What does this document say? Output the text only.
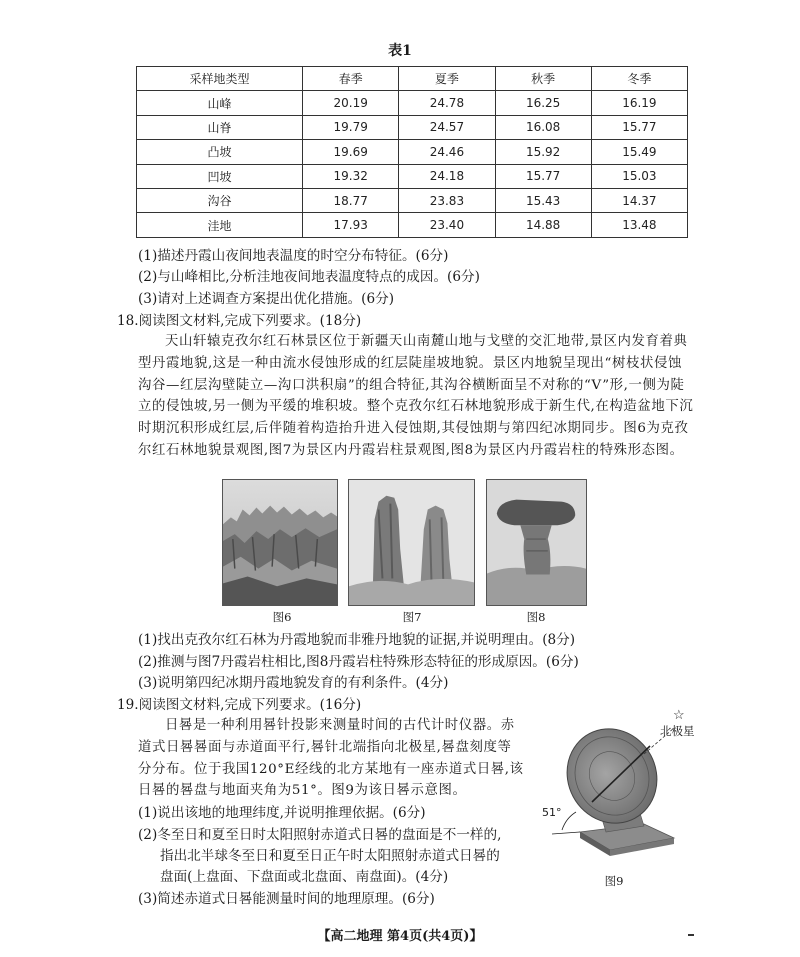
表1
采样地类型	春季	夏季	秋季	冬季
山峰	20.19	24.78	16.25	16.19
山脊	19.79	24.57	16.08	15.77
凸坡	19.69	24.46	15.92	15.49
凹坡	19.32	24.18	15.77	15.03
沟谷	18.77	23.83	15.43	14.37
洼地	17.93	23.40	14.88	13.48
(1)描述丹霞山夜间地表温度的时空分布特征。(6分)
(2)与山峰相比,分析洼地夜间地表温度特点的成因。(6分)
(3)请对上述调查方案提出优化措施。(6分)
18.阅读图文材料,完成下列要求。(18分)
天山轩辕克孜尔红石林景区位于新疆天山南麓山地与戈壁的交汇地带,景区内发育着典型丹霞地貌,这是一种由流水侵蚀形成的红层陡崖坡地貌。景区内地貌呈现出“树枝状侵蚀沟谷—红层沟壁陡立—沟口洪积扇”的组合特征,其沟谷横断面呈不对称的“V”形,一侧为陡立的侵蚀坡,另一侧为平缓的堆积坡。整个克孜尔红石林地貌形成于新生代,在构造盆地下沉时期沉积形成红层,后伴随着构造抬升进入侵蚀期,其侵蚀期与第四纪冰期同步。图6为克孜尔红石林地貌景观图,图7为景区内丹霞岩柱景观图,图8为景区内丹霞岩柱的特殊形态图。
图6	图7	图8
(1)找出克孜尔红石林为丹霞地貌而非雅丹地貌的证据,并说明理由。(8分)
(2)推测与图7丹霞岩柱相比,图8丹霞岩柱特殊形态特征的形成原因。(6分)
(3)说明第四纪冰期丹霞地貌发育的有利条件。(4分)
19.阅读图文材料,完成下列要求。(16分)
日晷是一种利用晷针投影来测量时间的古代计时仪器。赤道式日晷晷面与赤道面平行,晷针北端指向北极星,晷盘刻度等分分布。位于我国120°E经线的北方某地有一座赤道式日晷,该日晷的晷盘与地面夹角为51°。图9为该日晷示意图。
(1)说出该地的地理纬度,并说明推理依据。(6分)
(2)冬至日和夏至日时太阳照射赤道式日晷的盘面是不一样的,
指出北半球冬至日和夏至日正午时太阳照射赤道式日晷的
盘面(上盘面、下盘面或北盘面、南盘面)。(4分)
(3)简述赤道式日晷能测量时间的地理原理。(6分)
☆
北极星
51°
图9
【高二地理 第4页(共4页)】
